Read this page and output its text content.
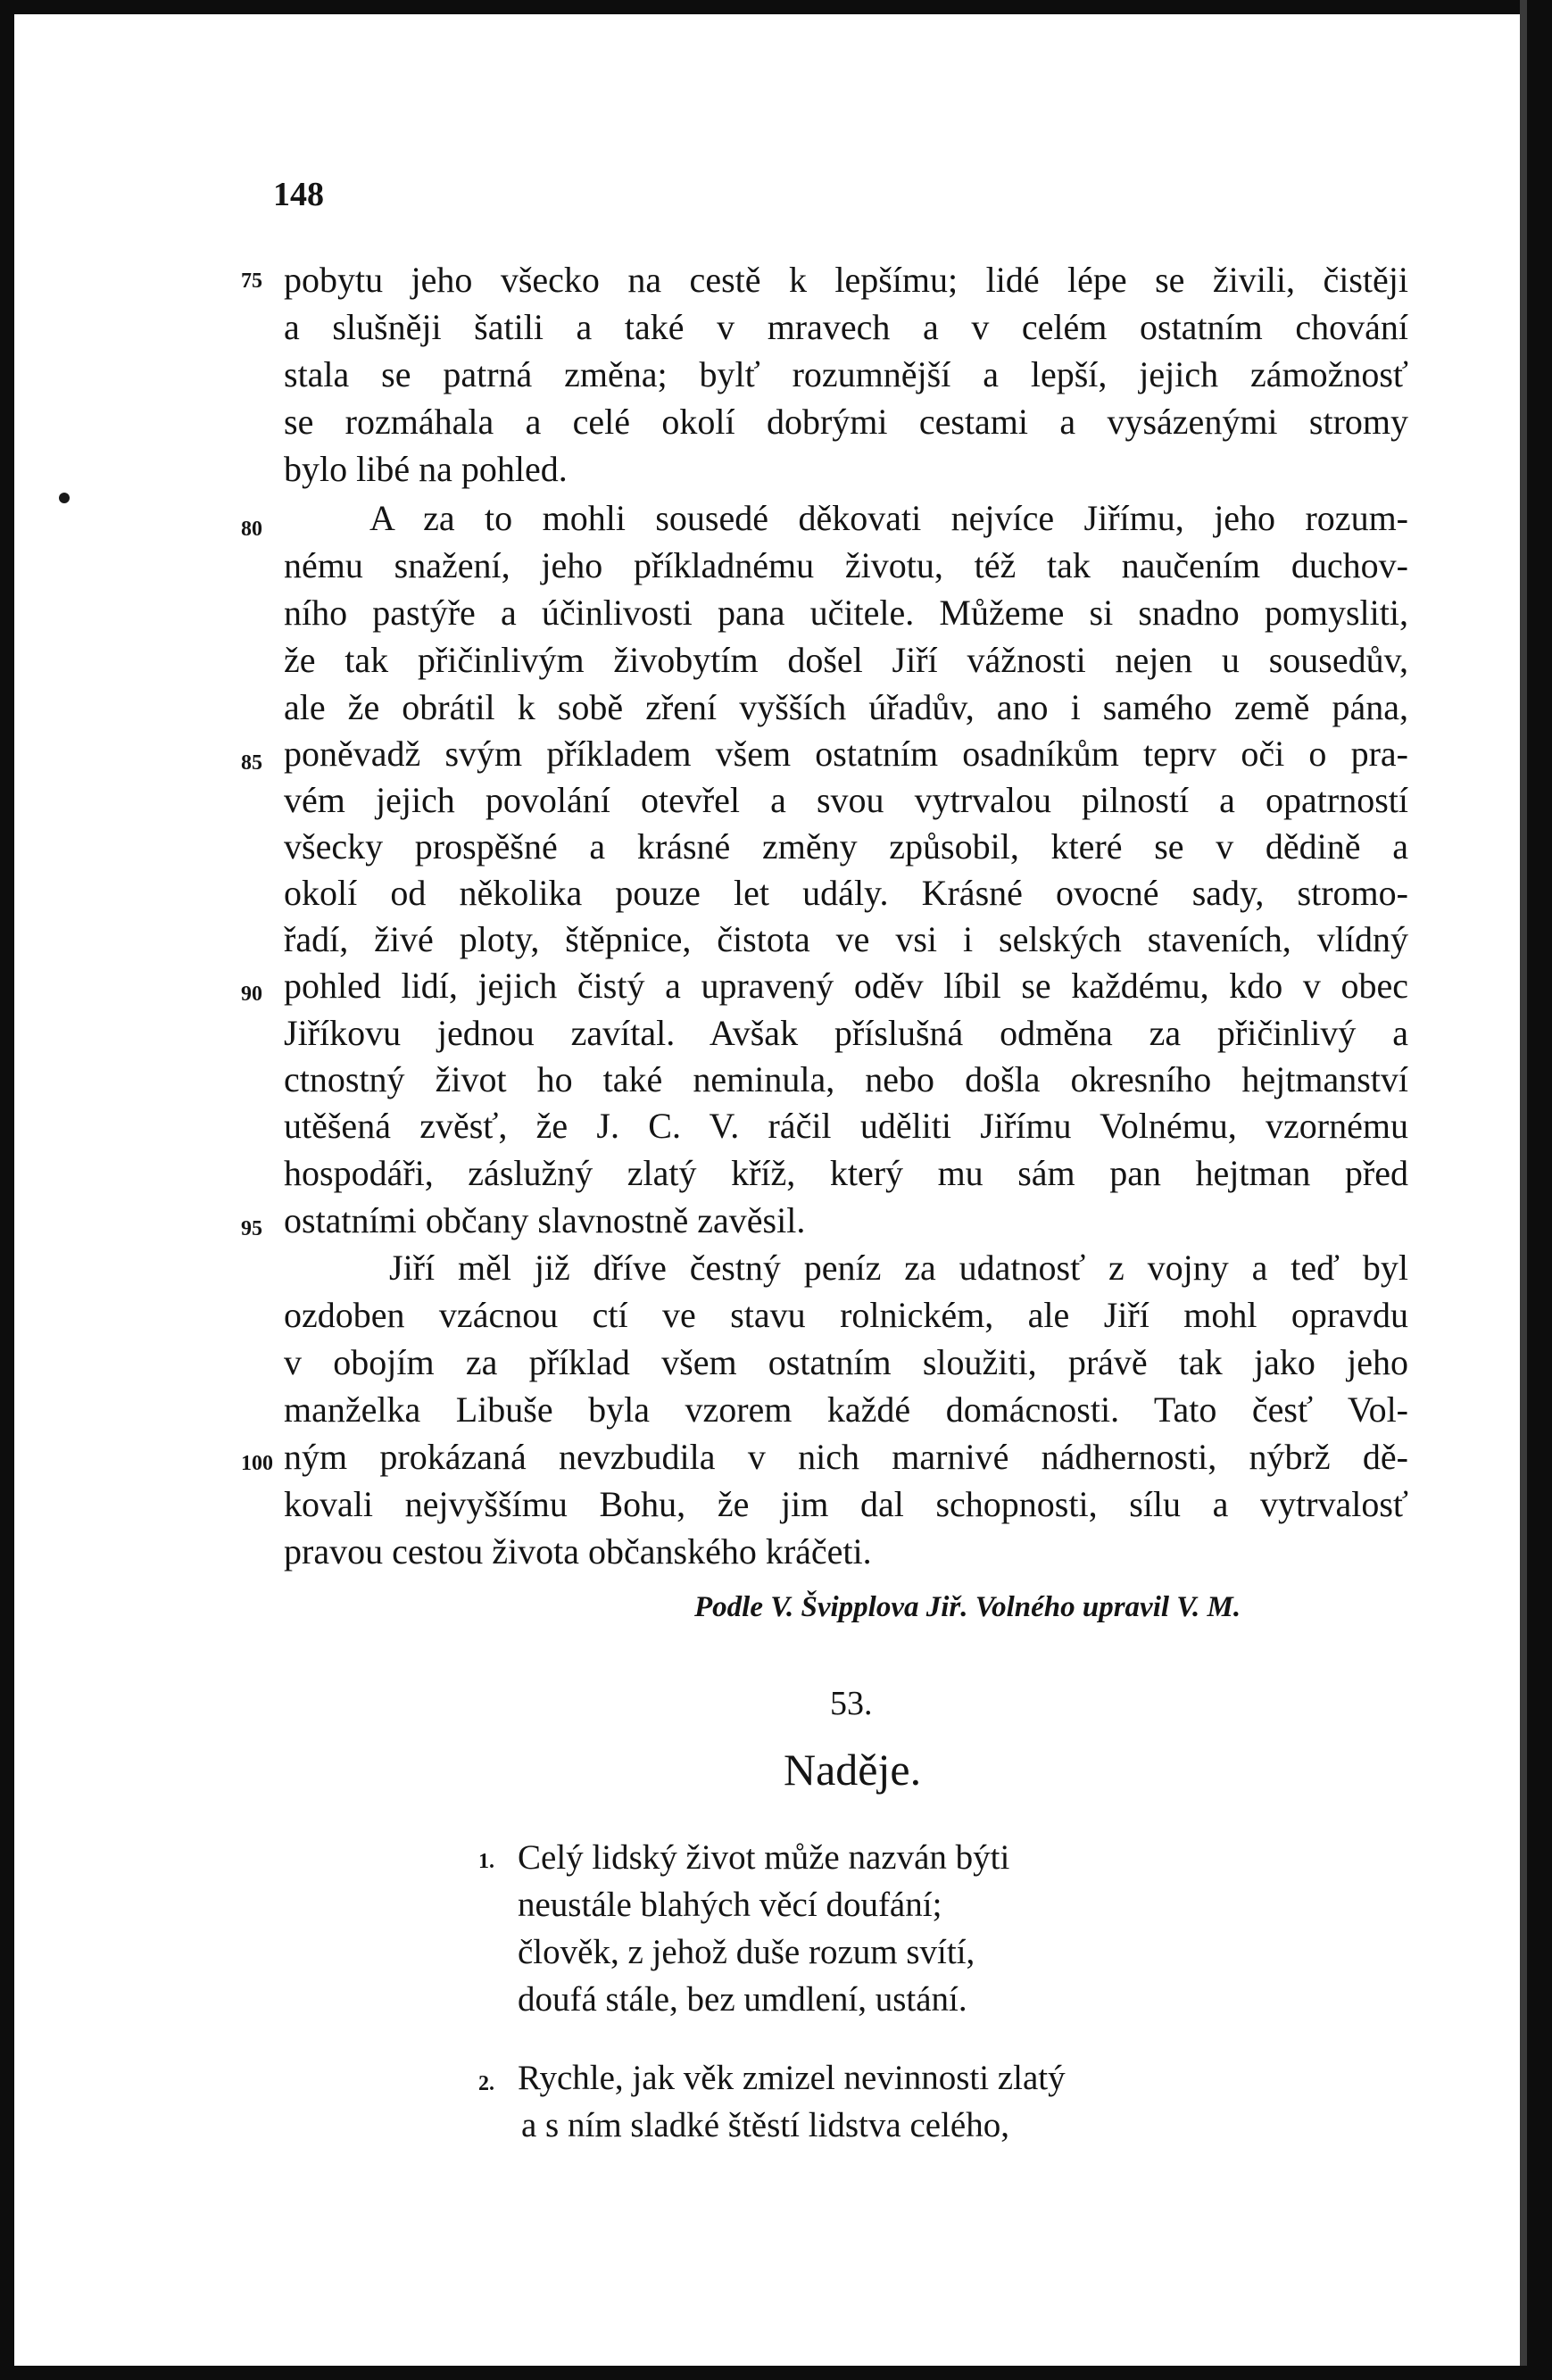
148
75
80
85
90
95
100
pobytu jeho všecko na cestě k lepšímu; lidé lépe se živili, čistěji
a slušněji šatili a také v mravech a v celém ostatním chování
stala se patrná změna; bylť rozumnější a lepší, jejich zámožnosť
se rozmáhala a celé okolí dobrými cestami a vysázenými stromy
bylo libé na pohled.
A za to mohli sousedé děkovati nejvíce Jiřímu, jeho rozum-
nému snažení, jeho příkladnému životu, též tak naučením duchov-
ního pastýře a účinlivosti pana učitele. Můžeme si snadno pomysliti,
že tak přičinlivým živobytím došel Jiří vážnosti nejen u sousedův,
ale že obrátil k sobě zření vyšších úřadův, ano i samého země pána,
poněvadž svým příkladem všem ostatním osadníkům teprv oči o pra-
vém jejich povolání otevřel a svou vytrvalou pilností a opatrností
všecky prospěšné a krásné změny způsobil, které se v dědině a
okolí od několika pouze let udály. Krásné ovocné sady, stromo-
řadí, živé ploty, štěpnice, čistota ve vsi i selských staveních, vlídný
pohled lidí, jejich čistý a upravený oděv líbil se každému, kdo v obec
Jiříkovu jednou zavítal. Avšak příslušná odměna za přičinlivý a
ctnostný život ho také neminula, nebo došla okresního hejtmanství
utěšená zvěsť, že J. C. V. ráčil uděliti Jiřímu Volnému, vzornému
hospodáři, záslužný zlatý kříž, který mu sám pan hejtman před
ostatními občany slavnostně zavěsil.
Jiří měl již dříve čestný peníz za udatnosť z vojny a teď byl
ozdoben vzácnou ctí ve stavu rolnickém, ale Jiří mohl opravdu
v obojím za příklad všem ostatním sloužiti, právě tak jako jeho
manželka Libuše byla vzorem každé domácnosti. Tato česť Vol-
ným prokázaná nevzbudila v nich marnivé nádhernosti, nýbrž dě-
kovali nejvyššímu Bohu, že jim dal schopnosti, sílu a vytrvalosť
pravou cestou života občanského kráčeti.
Podle V. Švipplova Jiř. Volného upravil V. M.
53.
Naděje.
1. Celý lidský život může nazván býti
neustále blahých věcí doufání;
člověk, z jehož duše rozum svítí,
doufá stále, bez umdlení, ustání.
2. Rychle, jak věk zmizel nevinnosti zlatý
a s ním sladké štěstí lidstva celého,
